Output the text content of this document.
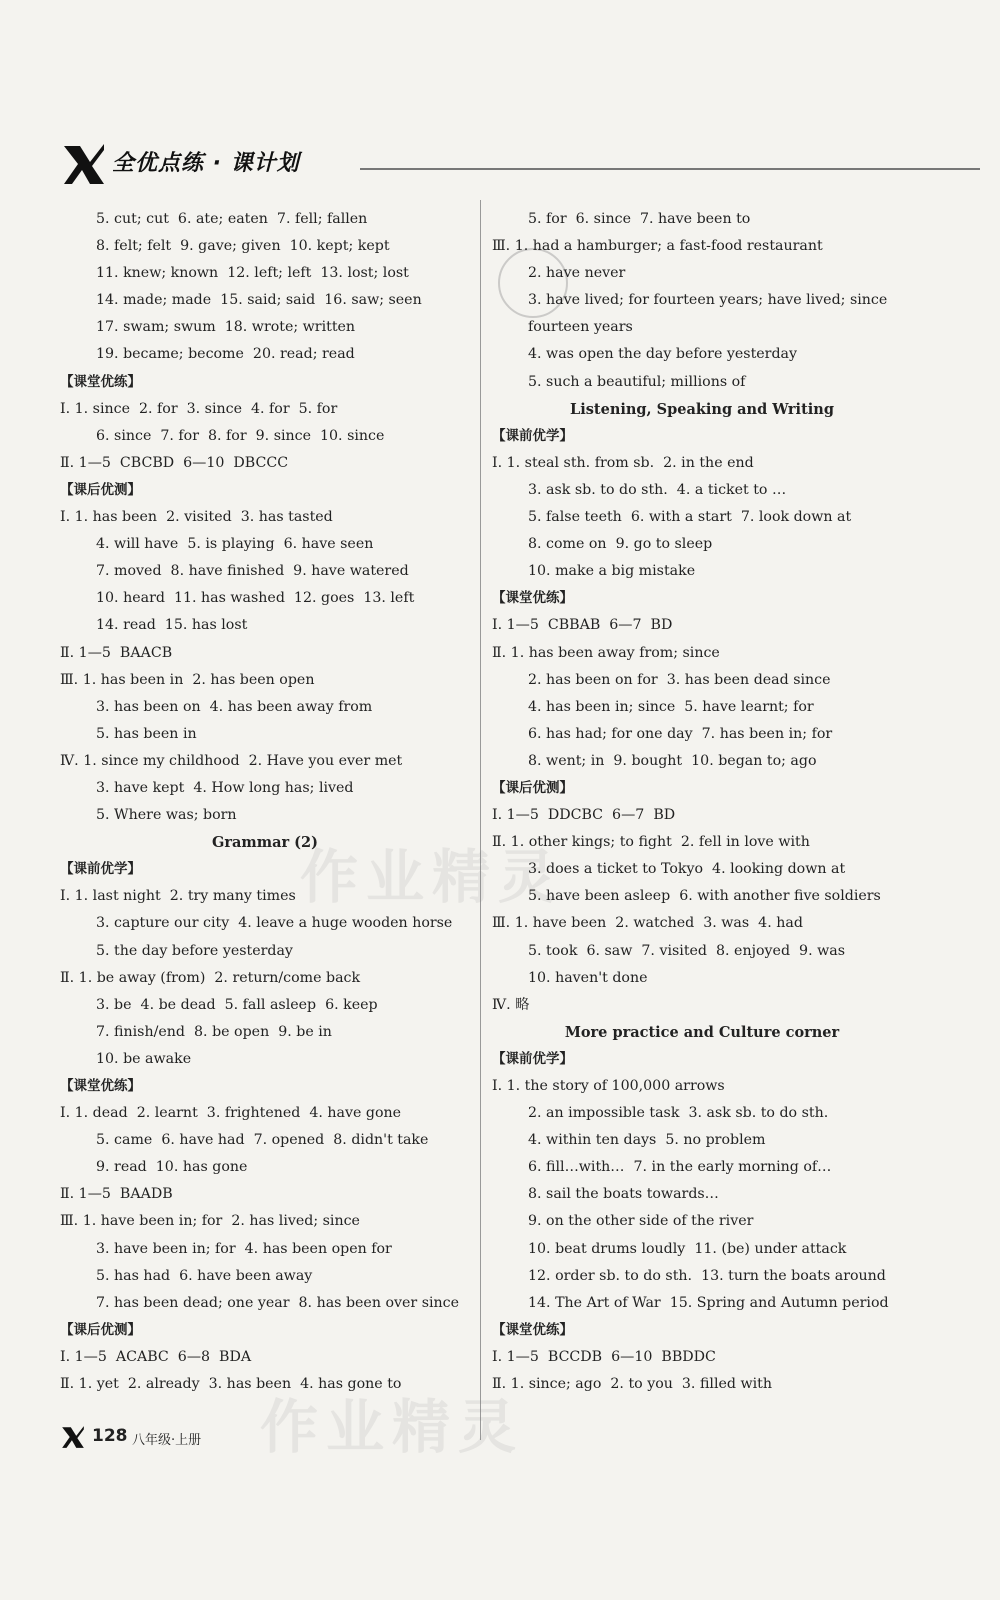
全优点练 · 课计划
作业精灵
作业精灵
5. cut; cut  6. ate; eaten  7. fell; fallen
8. felt; felt  9. gave; given  10. kept; kept
11. knew; known  12. left; left  13. lost; lost
14. made; made  15. said; said  16. saw; seen
17. swam; swum  18. wrote; written
19. became; become  20. read; read
【课堂优练】
Ⅰ. 1. since  2. for  3. since  4. for  5. for
6. since  7. for  8. for  9. since  10. since
Ⅱ. 1—5  CBCBD  6—10  DBCCC
【课后优测】
Ⅰ. 1. has been  2. visited  3. has tasted
4. will have  5. is playing  6. have seen
7. moved  8. have finished  9. have watered
10. heard  11. has washed  12. goes  13. left
14. read  15. has lost
Ⅱ. 1—5  BAACB
Ⅲ. 1. has been in  2. has been open
3. has been on  4. has been away from
5. has been in
Ⅳ. 1. since my childhood  2. Have you ever met
3. have kept  4. How long has; lived
5. Where was; born
Grammar (2)
【课前优学】
Ⅰ. 1. last night  2. try many times
3. capture our city  4. leave a huge wooden horse
5. the day before yesterday
Ⅱ. 1. be away (from)  2. return/come back
3. be  4. be dead  5. fall asleep  6. keep
7. finish/end  8. be open  9. be in
10. be awake
【课堂优练】
Ⅰ. 1. dead  2. learnt  3. frightened  4. have gone
5. came  6. have had  7. opened  8. didn't take
9. read  10. has gone
Ⅱ. 1—5  BAADB
Ⅲ. 1. have been in; for  2. has lived; since
3. have been in; for  4. has been open for
5. has had  6. have been away
7. has been dead; one year  8. has been over since
【课后优测】
Ⅰ. 1—5  ACABC  6—8  BDA
Ⅱ. 1. yet  2. already  3. has been  4. has gone to
5. for  6. since  7. have been to
Ⅲ. 1. had a hamburger; a fast-food restaurant
2. have never
3. have lived; for fourteen years; have lived; since
fourteen years
4. was open the day before yesterday
5. such a beautiful; millions of
Listening, Speaking and Writing
【课前优学】
Ⅰ. 1. steal sth. from sb.  2. in the end
3. ask sb. to do sth.  4. a ticket to …
5. false teeth  6. with a start  7. look down at
8. come on  9. go to sleep
10. make a big mistake
【课堂优练】
Ⅰ. 1—5  CBBAB  6—7  BD
Ⅱ. 1. has been away from; since
2. has been on for  3. has been dead since
4. has been in; since  5. have learnt; for
6. has had; for one day  7. has been in; for
8. went; in  9. bought  10. began to; ago
【课后优测】
Ⅰ. 1—5  DDCBC  6—7  BD
Ⅱ. 1. other kings; to fight  2. fell in love with
3. does a ticket to Tokyo  4. looking down at
5. have been asleep  6. with another five soldiers
Ⅲ. 1. have been  2. watched  3. was  4. had
5. took  6. saw  7. visited  8. enjoyed  9. was
10. haven't done
Ⅳ. 略
More practice and Culture corner
【课前优学】
Ⅰ. 1. the story of 100,000 arrows
2. an impossible task  3. ask sb. to do sth.
4. within ten days  5. no problem
6. fill…with…  7. in the early morning of…
8. sail the boats towards…
9. on the other side of the river
10. beat drums loudly  11. (be) under attack
12. order sb. to do sth.  13. turn the boats around
14. The Art of War  15. Spring and Autumn period
【课堂优练】
Ⅰ. 1—5  BCCDB  6—10  BBDDC
Ⅱ. 1. since; ago  2. to you  3. filled with
128 八年级·上册
